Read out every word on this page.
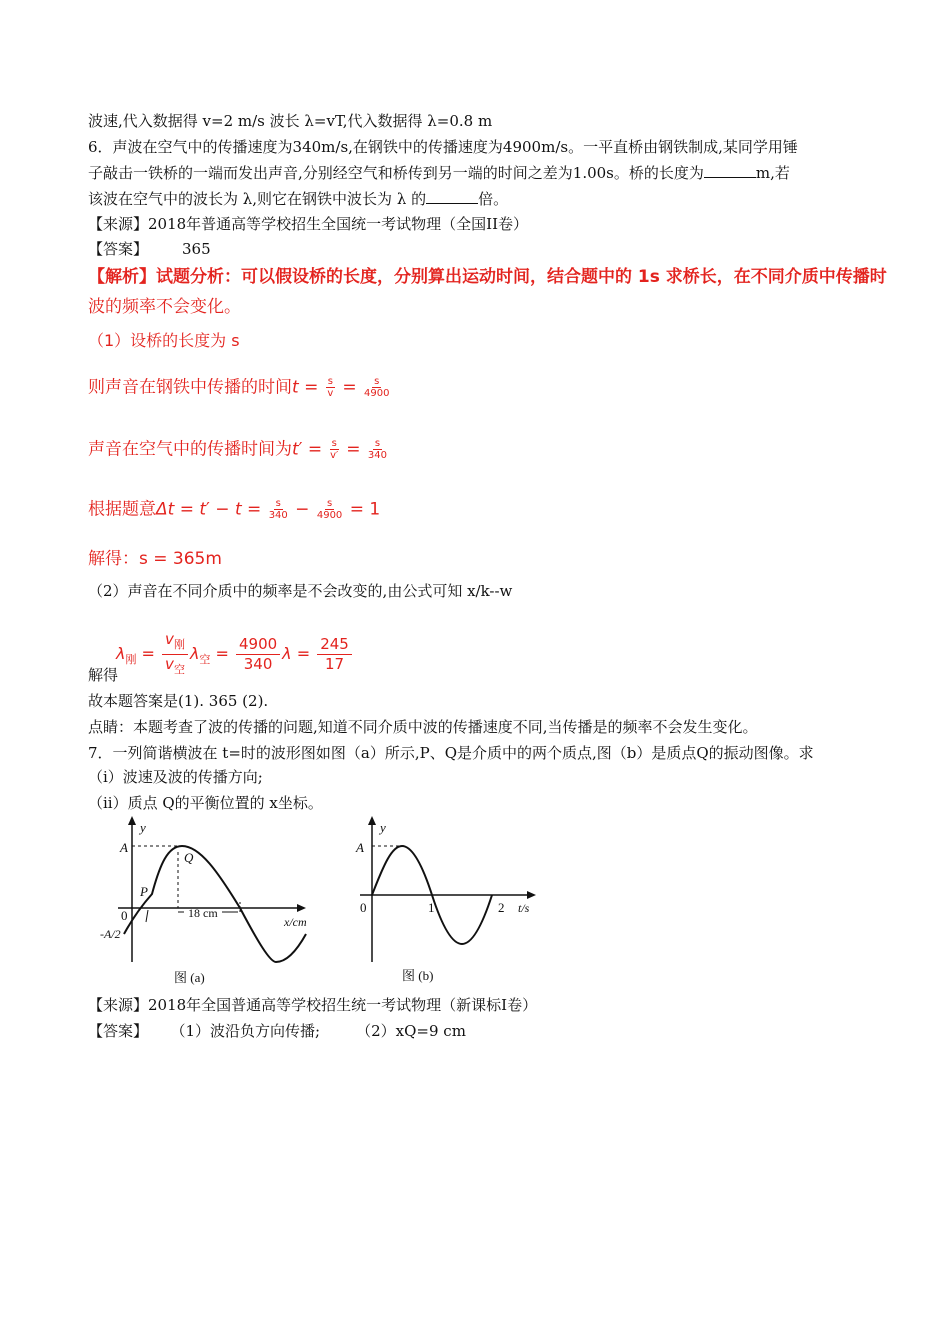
波速,代入数据得 v=2 m/s 波长 λ=vT,代入数据得 λ=0.8 m
6．声波在空气中的传播速度为340m/s,在钢铁中的传播速度为4900m/s。一平直桥由钢铁制成,某同学用锤
子敲击一铁桥的一端而发出声音,分别经空气和桥传到另一端的时间之差为1.00s。桥的长度为	m,若
该波在空气中的波长为 λ,则它在钢铁中波长为 λ 的	倍。
【来源】2018年普通高等学校招生全国统一考试物理（全国II卷）
【答案】 365
【解析】试题分析：可以假设桥的长度，分别算出运动时间，结合题中的 1s 求桥长，在不同介质中传播时
波的频率不会变化。
（1）设桥的长度为 s
则声音在钢铁中传播的时间$t = \frac{s}{v} = \frac{s}{4900}$
声音在空气中的传播时间为$t' = \frac{s}{v'} = \frac{s}{340}$
根据题意$\Delta t = t' - t = \frac{s}{340} - \frac{s}{4900} = 1$
解得：s = 365m
（2）声音在不同介质中的频率是不会改变的,由公式可知 x/k--w
$\lambda_刚$ =
$v_刚$
$v_空$
$\lambda_空 = \frac{4900}{340}$ $\lambda = \frac{245}{17}$
解得
故本题答案是(1). 365 (2).
点睛：本题考查了波的传播的问题,知道不同介质中波的传播速度不同,当传播是的频率不会发生变化。
7．一列简谐横波在 t=时的波形图如图（a）所示,P、Q是介质中的两个质点,图（b）是质点Q的振动图像。求
（i）波速及波的传播方向;
（ii）质点 Q的平衡位置的 x坐标。
y
A
Q
P
0
-A/2
18 cm
x/cm
图 (a)
y
A
0	1	2 t/s
图 (b)
【来源】2018年全国普通高等学校招生统一考试物理（新课标I卷）
【答案】 （1）波沿负方向传播; （2）xQ=9 cm
